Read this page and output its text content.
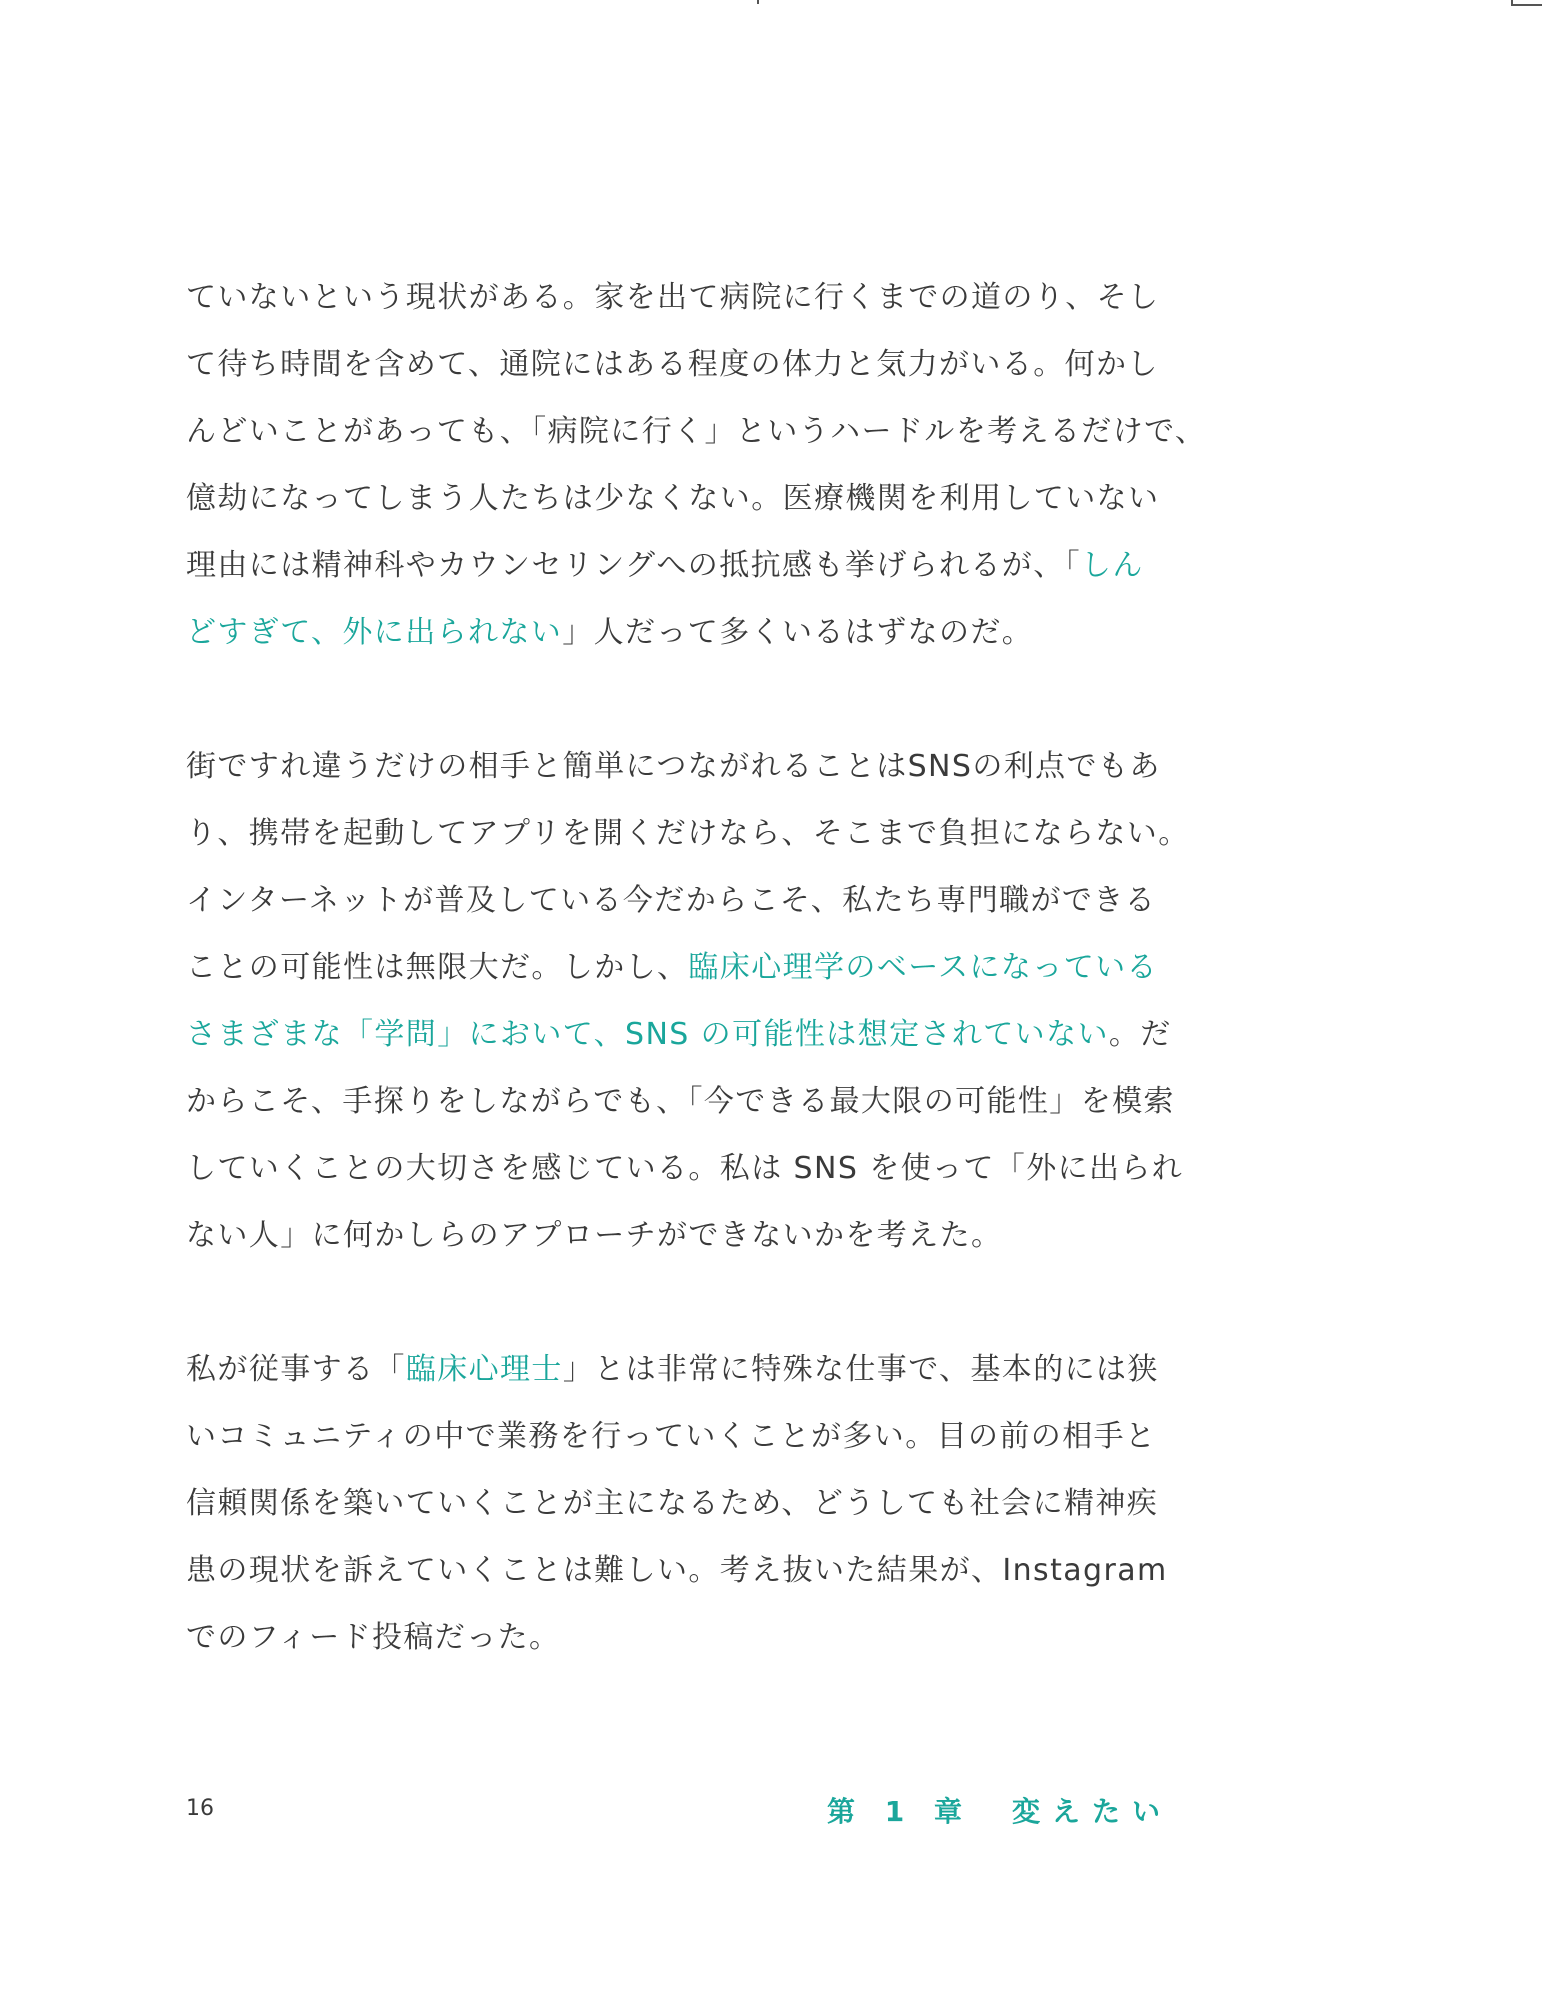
ていないという現状がある。家を出て病院に行くまでの道のり、そし
て待ち時間を含めて、通院にはある程度の体力と気力がいる。何かし
んどいことがあっても、「病院に行く」というハードルを考えるだけで、
億劫になってしまう人たちは少なくない。医療機関を利用していない
理由には精神科やカウンセリングへの抵抗感も挙げられるが、「しん
どすぎて、外に出られない」人だって多くいるはずなのだ。
街ですれ違うだけの相手と簡単につながれることはSNSの利点でもあ
り、携帯を起動してアプリを開くだけなら、そこまで負担にならない。
インターネットが普及している今だからこそ、私たち専門職ができる
ことの可能性は無限大だ。しかし、臨床心理学のベースになっている
さまざまな「学問」において、SNS の可能性は想定されていない。だ
からこそ、手探りをしながらでも、「今できる最大限の可能性」を模索
していくことの大切さを感じている。私は SNS を使って「外に出られ
ない人」に何かしらのアプローチができないかを考えた。
私が従事する「臨床心理士」とは非常に特殊な仕事で、基本的には狭
いコミュニティの中で業務を行っていくことが多い。目の前の相手と
信頼関係を築いていくことが主になるため、どうしても社会に精神疾
患の現状を訴えていくことは難しい。考え抜いた結果が、Instagram
でのフィード投稿だった。
16	第 1 章 変えたい
